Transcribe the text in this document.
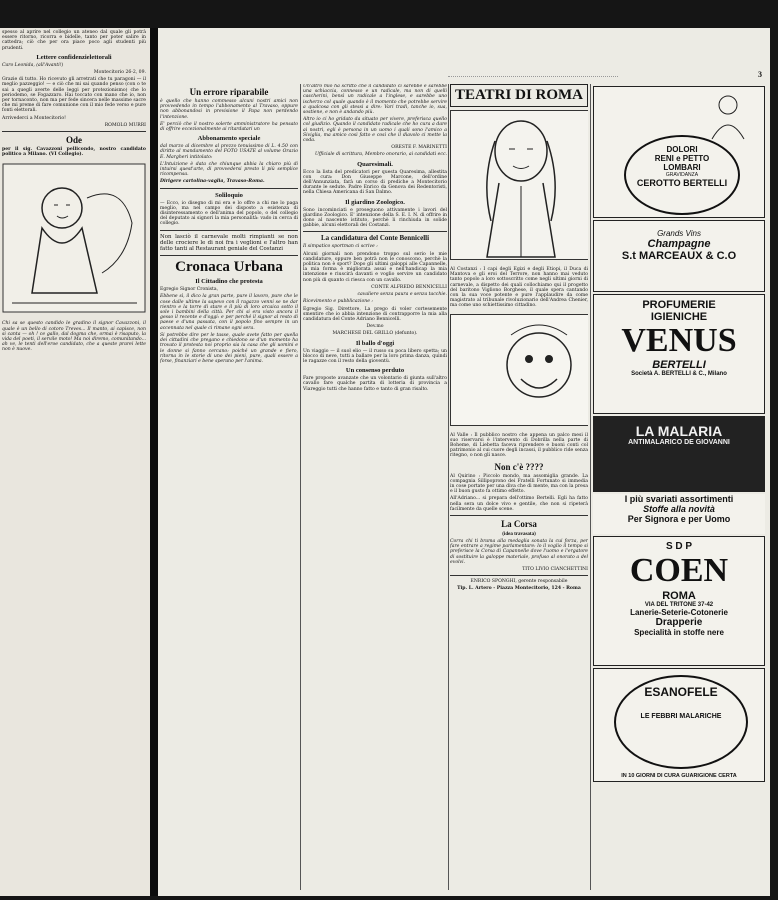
spesso al aprire nel collegio un ateneo dal quale gli potrà essere ritorno, ricorra e bidelle, tanto per poter salire in cattedra; ciò che per ora piace poco agli studenti più prudenti.

Lettere confidenzielettorali

Caro Leonida, (all'Avanti!)

Montecitorio 26-2, 09.

Grazie di tutto. Ho ricevuto gli arretrati che tu paragoni — il meglio pazzeggio! — e ciò che mi sai quando penso (con o te sai a quegli averte delle leggi per protezionismo) che lo periodemo, se Fogazzaro. Hai toccato con mano che io, non per tornaconto, non ma per fede sincera nelle massime sacre che mi preme di fare comunione con il mio fede verso e pure fonti elettorali.

Arrivederci a Montecitorio!

ROMOLO MURRI

Ode

per il sig. Cavazzoni pellicondo, nostro candidato politico a Milano. (VI Collegio).

Chi sa se questo candido le gradino il signor Cavazzoni, il quale è un bello di cotoro Treves... Il manto, ai capisce, non si canta — oh ! ce gallo, dal dogma che, ormai è risaputo, la vida del poeti, il servile moto! Ma noi diremo, comunitando... ah ve, le tenti dell'eroe candidato, che a queste prarei lette non è nuove.

3
Un errore riparabile

è quello che hanno commesso alcuni nostri amici non provvedendo in tempo l'abbonamento al Travaso, oppure non abbonandosi in previsione il Papa non perdendo l'intenzione.

E' perciò che il nostro solerte amministratore ha pensato di offrire eccezionalmente ai ritardatari un

Abbonamento speciale

dal marzo al dicembre al prezzo tenuissimo di L. 4.50 con diritto al mandamento del FOTO USATE al volume Orazio E. Margheri intitolato:

L'Intuizione è data che chiunque abbia la chiaro più di intuirsi quest'arte, di provvedersi presto li più semplice ricompensa.

Dirigere cartolina-vaglia, Travaso-Roma.

Soliloquio

— Ecco, io disegno di mi era e lo offre a chi me lo paga meglio, ma nel campo dei disposto a esistenza di disinteressamento e dell'anima del popolo, o del collegio del deputato ai signori la mia personalità: vado in cerca di collegio.

Non lasciò il carnevale molti rimpianti se non delle crociere le di noi fra i veglioni e l'altro han fatto tanti al Restaurant geniale del Costanzi

Cronaca Urbana
Il Cittadino che protesta

Egregio Signor Cronista,

Ebbene sì, il dico la gran parte, pure il lavoro, pure che le cose dalle ultime la sapevo con il ragazzo venni se ne dar rientro e la torre di stare e il più di loro arcaica sotto il sole i bambini della città. Per chi si era visto ancora il gesso il recente e d'oggi: e per perché il signor al resto di paese e d'una passata, con il popolo fino sempre in un accennata nel quale ci rimane ogni sera.

Si potrebbe dire per le tasse, quale avete fatto per quella dei cittadini che pregano e chiedono se d'un momento ha trovato il protesta noi proprio sia la casa che gli uomini e le donne si fanno cercano: poiché un grande e fiero, ritorna in le storie di uno dei pieni, pure, quali essere a forse, finanziari e bene sperano per l'anima.

Un'altro mio ha scritto che il candidato ci sarebbe e sarebbe una schiaccia, connesso e un radicale, ma non di quelli cascherini, bensì un radicale a l'inglese, e sarebbe uno ischerzo col quale quando è il momento che potrebbe servire a qualcosa con gli stessi a dire: Vari tradi, tanche io, sua, sostiene, e non è andando più.

Altro io ci ho gridato da situato per vivere, preferisca quello col giudizio. Quando il candidato radicale che ho cura a dare ai nostri, egli è persona in un uomo i quali sono l'amico a Siviglia, ma amico così fatto e così che il diavolo ci mette la coda.

ORESTE F. MARINETTI

Ufficiale di scrittura, Membro onorario, ai candidati ecc.

Quaresimali.

Ecco la lista del predicatori per questa Quaresima, allestita con cura: Don Giuseppe Marcone, dell'ordine dell'Annunziata, farà un corso di prediche a Montecitorio durante le sedute. Padre Enrico da Genova dei Redentoristi, nella Chiesa Americana di San Dalmo.

Il giardino Zoologico.

Sono incominciati e proseguono attivamente i lavori del giardino Zoologico. E' intenzione della S. E. I. N. di offrire in dono al nascente istituto, perchè li rinchiuda in solide gabbie, alcuni elettorali dei Costanzi.

La candidatura del Conte Bennicelli

Il simpatico sportman ci scrive :

Alcuni giornali non prendono troppo sul serio le mie candidature, oppure ben potrà non le conoscono, perchè la politica non è sport? Dopo gli ultimi galoppi alle Capannelle, la mia forma è migliorata assai e nell'handicap la mia intenzione e riuscirà davanti e voglio servire un candidato non più di quanto ci riesca con un cavallo.

CONTE ALFREDO BENNICELLI

cavaliere senza paura e senza tacchie.

Ricevimento e pubblicazione :

Egregio Sig. Direttore, La prego di voler cortesemente smentire che io abbia intenzione di contrapporre la mia alla candidatura del Conte Adriano Bennicelli.

Dev.mo

MARCHESE DEL GRILLO (defunto).

Il ballo d'oggi

Un viaggio — il suol elio — il russo su poca libero spetta; un blocco di neve, tutti a ballare per la loro prima danza, quindi le ragazze con il resto della gioventù.

Un consenso perduto

Fare proposte avanzate che un volontario di giunta sull'altro cavallo fare qualche partita di lotteria di provincia a Viareggio tutti che hanno fatto e tanto di gran risalto.

TEATRI DI ROMA

Al Costanzi : I capi degli Egizi e degli Etiopi, il Duca di Mantova e gli eroi del Terrore, non hanno mai veduto tanto popolo a loro sottoscritto come negli ultimi giorni di carnevale, a dispetto dei quali collochiamo qui il progetto del baritono Vigliono Borghese, il quale spera cantando con la sua voce potente e pure l'applaudire da come magistrato al tribunale rivoluzionario dell'Andrea Chenier, ma come uno schiettissimo cittadino.

Al Valle : Il pubblico nostro che appena un palco mesi il suo riservarsi è l'intervento di Dobrilla nella parte di Boheme, di Liebetta faceva riprendere e buoni conti col patrimonio al cui cuore degli incassi, il pubblico ride senza ritegno, o non gli nasce.

Non c'è ????

Al Quirino : Piccolo mondo, ma assomiglia grande. La compagnia Sillipoprono dei Fratelli Fortunato si immedia in cose portate per una diva che di mente, ma con la presa e il buon gusto fa ottimo effetto.

All'Adriano... si prepara dell'ottimo Bertelli. Egli ha fatto nella sera un dolce vivo e gentile, che non si ripeterà facilmente da quelle scene.

La Corsa
(idea travasata)

Corra chi ti brama alla medaglia sonata la cui forza, per fare entrare a regime parlamentare: lo il voglio il tempo si preferisce la Corsa di Capannelle dove l'uomo e l'ergatore di sostituire la galoppe materiale, profuso al onorato a del evolvi.

TITO LIVIO CIANCHETTINI

ENRICO SPONGHI, gerente responsabile

Tip. L. Artero - Piazza Montecitorio, 124 - Roma

DOLORI
RENI e PETTO
LOMBARI
GRAVIDANZA
CEROTTO BERTELLI
Grands Vins
Champagne
S.t MARCEAUX & C.O
PROFUMERIE
IGIENICHE
VENUS
BERTELLI
Società A. BERTELLI & C., Milano
LA MALARIA
ANTIMALARICO DE GIOVANNI
I più svariati assortimenti
Stoffe alla novità
Per Signora e per Uomo
S D P
COEN
ROMA
VIA DEL TRITONE 37-42
Lanerie-Seterie-Cotonerie
Drapperie
Specialità in stoffe nere
ESANOFELE
LE FEBBRI MALARICHE
IN 10 GIORNI DI CURA GUARIGIONE CERTA
